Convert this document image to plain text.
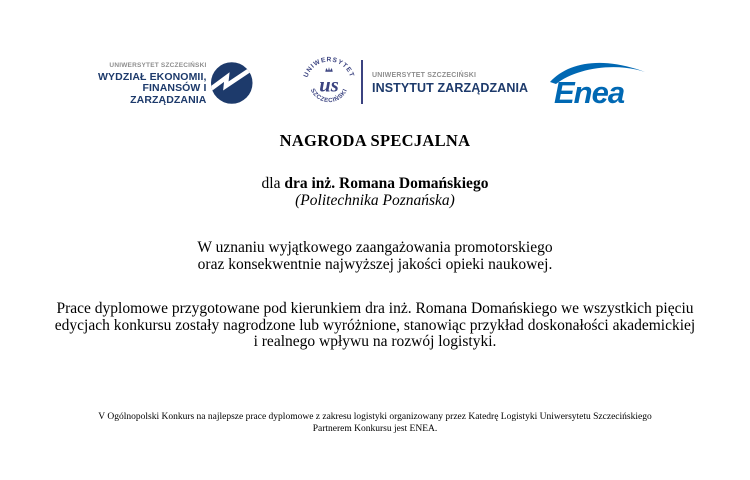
UNIWERSYTET SZCZECIŃSKI
WYDZIAŁ EKONOMII,
FINANSÓW I ZARZĄDZANIA
UNIWERSYTET
SZCZECIŃSKI
us	UNIWERSYTET SZCZECIŃSKI
INSTYTUT ZARZĄDZANIA Enea
NAGRODA SPECJALNA

dla dra inż. Romana Domańskiego

(Politechnika Poznańska)

W uznaniu wyjątkowego zaangażowania promotorskiego
oraz konsekwentnie najwyższej jakości opieki naukowej.
Prace dyplomowe przygotowane pod kierunkiem dra inż. Romana Domańskiego we wszystkich pięciu
edycjach konkursu zostały nagrodzone lub wyróżnione, stanowiąc przykład doskonałości akademickiej
i realnego wpływu na rozwój logistyki.
V Ogólnopolski Konkurs na najlepsze prace dyplomowe z zakresu logistyki organizowany przez Katedrę Logistyki Uniwersytetu Szczecińskiego
Partnerem Konkursu jest ENEA.
